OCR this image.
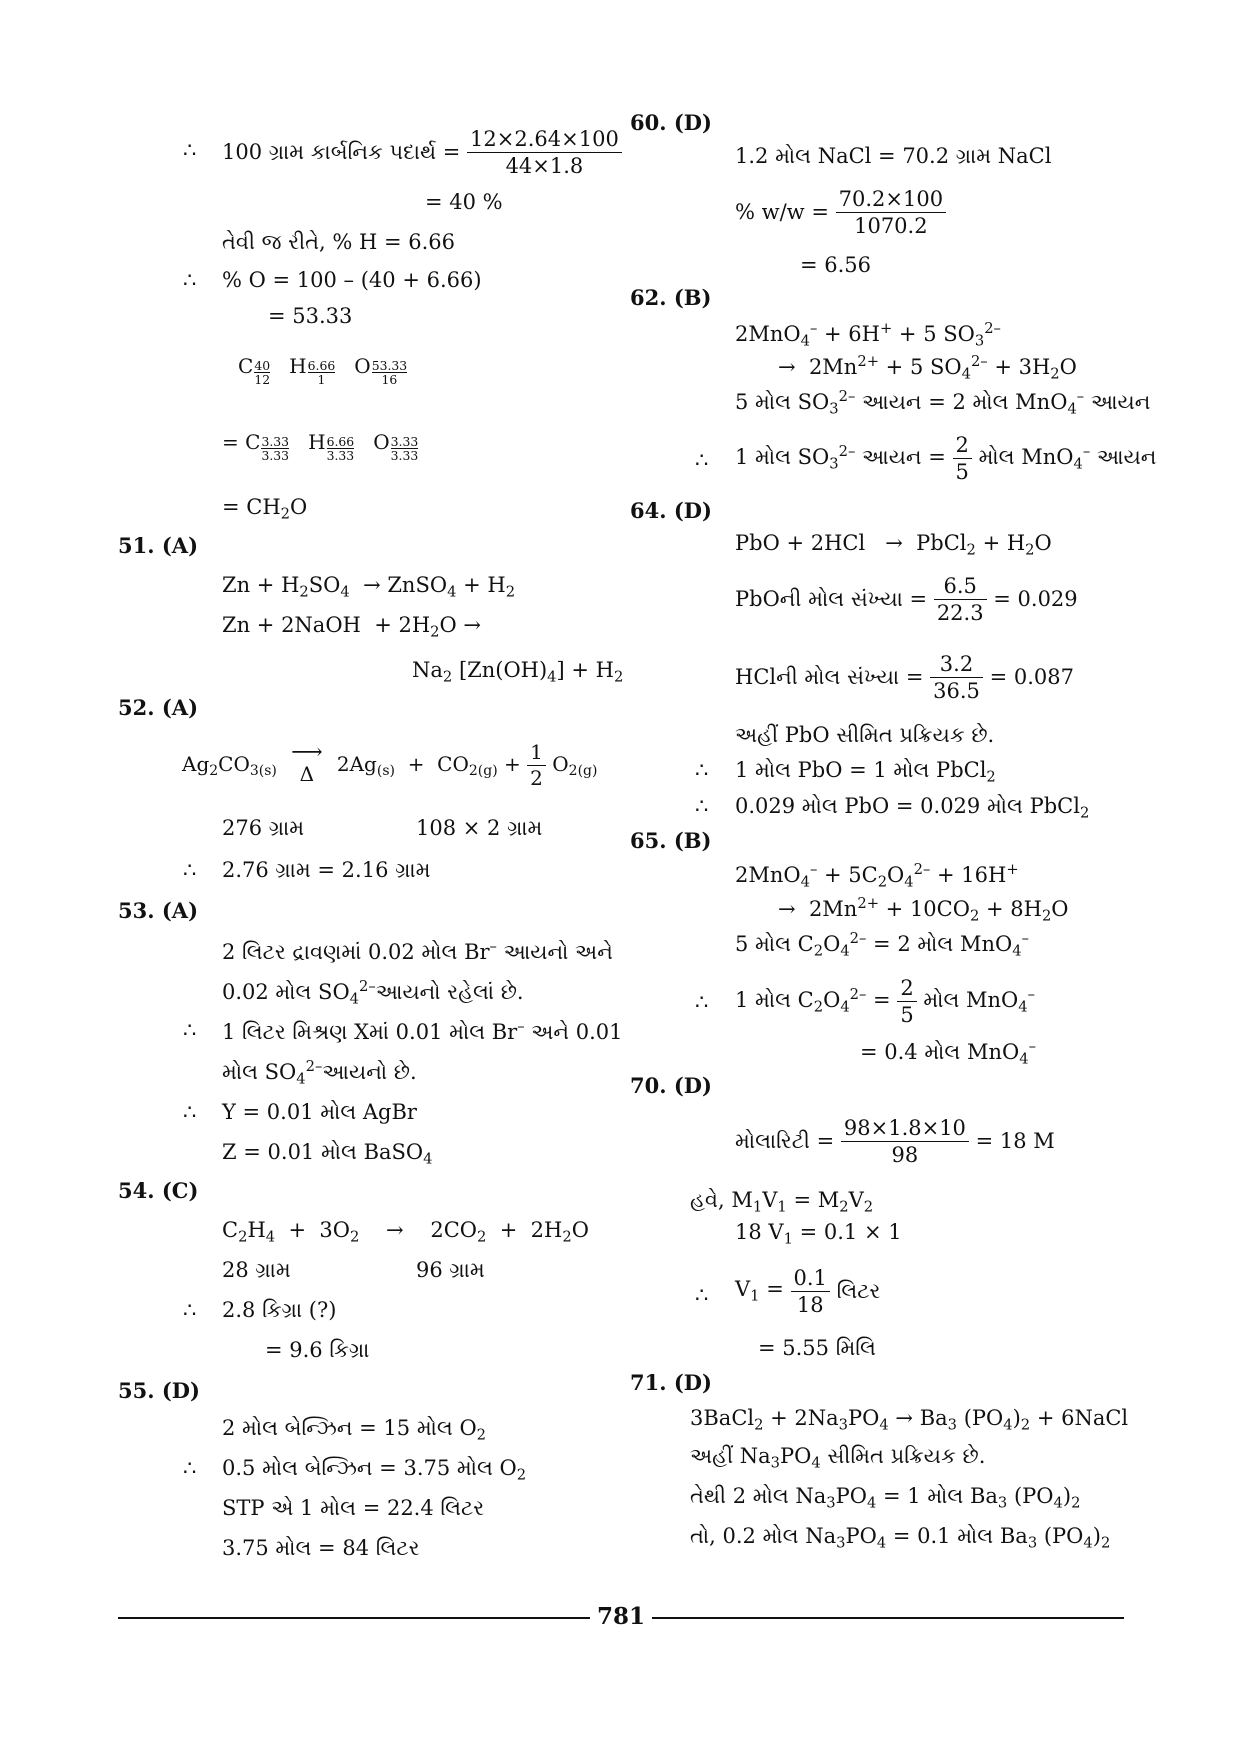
∴ 100 ગ્રામ કાર્બનિક પદાર્થ = $\frac{12\times 2.64\times 100}{44\times 1.8}$
= 40 %
તેવી જ રીતે, % H = 6.66
∴ % O = 100 – (40 + 6.66)
= 53.33
C $\frac{40}{12}$ H $\frac{6.66}{1}$ O $\frac{53.33}{16}$
= C $\frac{3.33}{3.33}$ H $\frac{6.66}{3.33}$ O $\frac{3.33}{3.33}$
= $CH_2O$
51. (A)
$Zn + H_2SO_4$  → ZnSO$_4$ + $H_2$
Zn + 2NaOH  + $2H_2O$ →
$Na_2$ $[Zn(OH)_4] + H_2$
52. (A)
$Ag_2CO_{3(s)}$
⟶
Δ	$2Ag_{(s)} + CO_{2(g)} + \frac{1}{2} O_{2(g)}$
276 ગ્રામ	108 × 2 ગ્રામ
∴ 2.76 ગ્રામ = 2.16 ગ્રામ
53. (A)
2 લિટર દ્રાવણમાં 0.02 મોલ Br– આયનો અને
0.02 મોલ $SO_4^{2-}આયનો$ રહેલાં છે.
∴ 1 લિટર મિશ્રણ Xમાં 0.01 મોલ Br– અને 0.01
મોલ $SO_4^{2-}આયનો$ છે.
∴ Y = 0.01 મોલ AgBr
Z = 0.01 મોલ BaSO$_4$
54. (C)
$C_2H_4 + 3O_2$    →    $2CO_2 + 2H_2O$
28 ગ્રામ	96 ગ્રામ
∴ 2.8 કિગ્રા (?)
= 9.6 કિગ્રા
55. (D)
2 મોલ બેન્ઝિન = 15 મોલ $O_2$
∴ 0.5 મોલ બેન્ઝિન = 3.75 મોલ $O_2$
STP એ 1 મોલ = 22.4 લિટર
3.75 મોલ = 84 લિટર
60. (D)
1.2 મોલ NaCl = 70.2 ગ્રામ NaCl
% $w/w = \frac{70.2\times 100}{1070.2}$
= 6.56
62. (B)
2MnO$_4$– + 6H+ + 5 $SO_3^{2-}$
→  $2Mn^{2+} + 5$ $SO_4^{2-} + 3H_2O$
5 મોલ $SO_3^{2-}$ આયન = 2 મોલ MnO$_4$– આયન
∴ 1 મોલ $SO_3^{2-}$ આયન = $\frac{2}{5}$ મોલ MnO$_4$– આયન
64. (D)
PbO + 2HCl   →  PbCl$_2$ + $H_2O$
PbOની મોલ સંખ્યા = $\frac{6.5}{22.3} = 0.029$
HClની મોલ સંખ્યા = $\frac{3.2}{36.5} = 0.087$
અહીં PbO સીમિત પ્રક્રિયક છે.
∴ 1 મોલ PbO = 1 મોલ PbCl$_2$
∴ 0.029 મોલ PbO = 0.029 મોલ PbCl$_2$
65. (B)
$2MnO_4^- + 5C_2O_4^{2-} + 16H^+$
→  $2Mn^{2+} + 10CO_2 + 8H_2O$
5 મોલ $C_2O_4^{2-} = 2$ મોલ MnO$_4$–
∴ 1 મોલ $C_2O_4^{2-} = \frac{2}{5}$ મોલ MnO$_4$–
= 0.4 મોલ MnO$_4$–
70. (D)
મોલારિટી = $\frac{98\times 1.8\times 10}{98} = 18$ M
હવે, $M_1V_1 = M_2V_2$
18 $V_1 = 0.1 \times 1$
∴ $V_1 = \frac{0.1}{18}$ લિટર
= 5.55 મિલિ
71. (D)
3BaCl$_2$ + $2Na_3PO_4 \to Ba_3$ $(PO_4)_2$ + 6NaCl
અહીં $Na_3PO_4$ સીમિત પ્રક્રિયક છે.
તેથી 2 મોલ $Na_3PO_4 = 1$ મોલ $Ba_3$ $(PO_4)_2$
તો, 0.2 મોલ $Na_3PO_4 = 0.1$ મોલ $Ba_3$ $(PO_4)_2$
781
